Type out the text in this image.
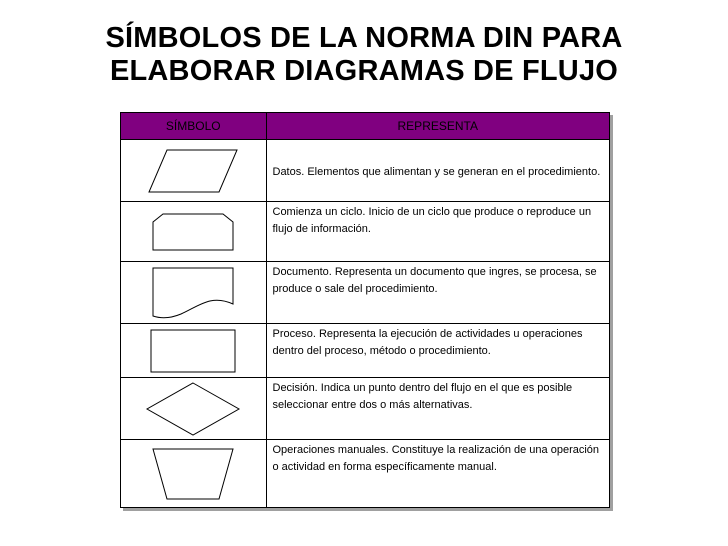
SÍMBOLOS DE LA NORMA DIN PARA
ELABORAR DIAGRAMAS DE FLUJO
SÍMBOLO	REPRESENTA

	Datos. Elementos que alimentan y se generan en el procedimiento.

	Comienza un ciclo. Inicio de un ciclo que produce o reproduce un flujo de información.

	Documento. Representa un documento que ingres, se procesa, se produce o sale del procedimiento.

	Proceso. Representa la ejecución de actividades u operaciones dentro del proceso, método o procedimiento.

	Decisión. Indica un punto dentro del flujo en el que es posible seleccionar entre dos o más alternativas.

	Operaciones manuales. Constituye la realización de una operación o actividad en forma específicamente manual.
